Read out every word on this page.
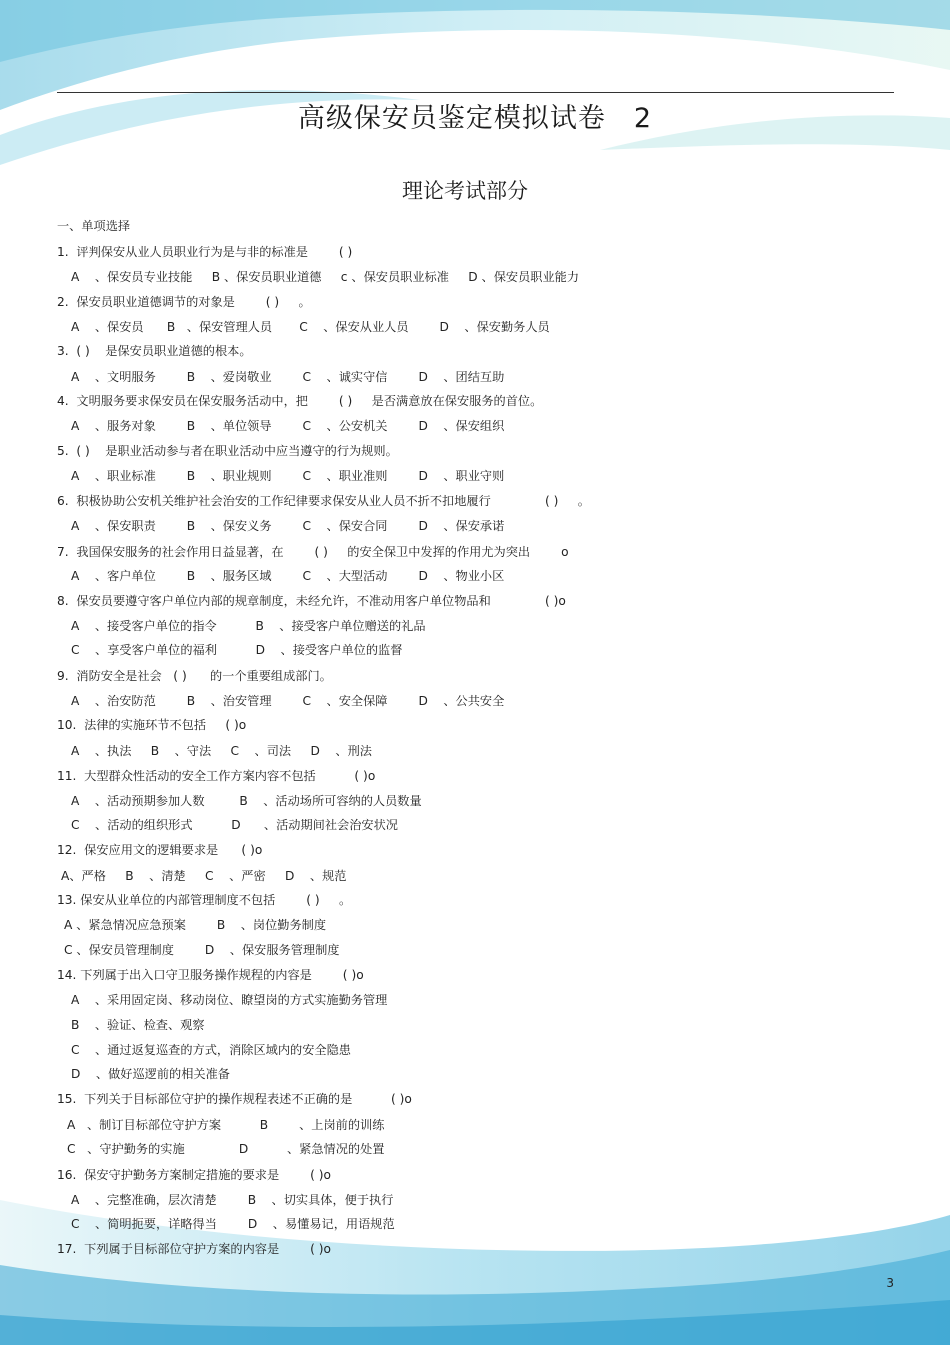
高级保安员鉴定模拟试卷 2
理论考试部分
一、单项选择
1.  评判保安从业人员职业行为是与非的标准是        ( )
A    、保安员专业技能     B 、保安员职业道德     c 、保安员职业标准     D 、保安员职业能力
2.  保安员职业道德调节的对象是        ( )     。
A    、保安员      B   、保安管理人员       C    、保安从业人员        D    、保安勤务人员
3.  ( )    是保安员职业道德的根本。
A    、文明服务        B    、爱岗敬业        C    、诚实守信        D    、团结互助
4.  文明服务要求保安员在保安服务活动中，把        ( )     是否满意放在保安服务的首位。
A    、服务对象        B    、单位领导        C    、公安机关        D    、保安组织
5.  ( )    是职业活动参与者在职业活动中应当遵守的行为规则。
A    、职业标准        B    、职业规则        C    、职业准则        D    、职业守则
6.  积极协助公安机关维护社会治安的工作纪律要求保安从业人员不折不扣地履行              ( )     。
A    、保安职责        B    、保安义务        C    、保安合同        D    、保安承诺
7.  我国保安服务的社会作用日益显著，在        ( )     的安全保卫中发挥的作用尤为突出        o
A    、客户单位        B    、服务区域        C    、大型活动        D    、物业小区
8.  保安员要遵守客户单位内部的规章制度，未经允许，不准动用客户单位物品和              ( )o
A    、接受客户单位的指令          B    、接受客户单位赠送的礼品
C    、享受客户单位的福利          D    、接受客户单位的监督
9.  消防安全是社会   ( )      的一个重要组成部门。
A    、治安防范        B    、治安管理        C    、安全保障        D    、公共安全
10.  法律的实施环节不包括     ( )o
A    、执法     B    、守法     C    、司法     D    、刑法
11.  大型群众性活动的安全工作方案内容不包括          ( )o
A    、活动预期参加人数         B    、活动场所可容纳的人员数量
C    、活动的组织形式          D      、活动期间社会治安状况
12.  保安应用文的逻辑要求是      ( )o
A、严格     B    、清楚     C    、严密     D    、规范
13. 保安从业单位的内部管理制度不包括        ( )     。
A 、紧急情况应急预案        B    、岗位勤务制度
C 、保安员管理制度        D    、保安服务管理制度
14. 下列属于出入口守卫服务操作规程的内容是        ( )o
A    、采用固定岗、移动岗位、瞭望岗的方式实施勤务管理
B    、验证、检查、观察
C    、通过返复巡查的方式，消除区域内的安全隐患
D    、做好巡逻前的相关准备
15.  下列关于目标部位守护的操作规程表述不正确的是          ( )o
A   、制订目标部位守护方案          B        、上岗前的训练
C   、守护勤务的实施              D          、紧急情况的处置
16.  保安守护勤务方案制定措施的要求是        ( )o
A    、完整准确，层次清楚        B    、切实具体，便于执行
C    、简明扼要，详略得当        D    、易懂易记，用语规范
17.  下列属于目标部位守护方案的内容是        ( )o
3
